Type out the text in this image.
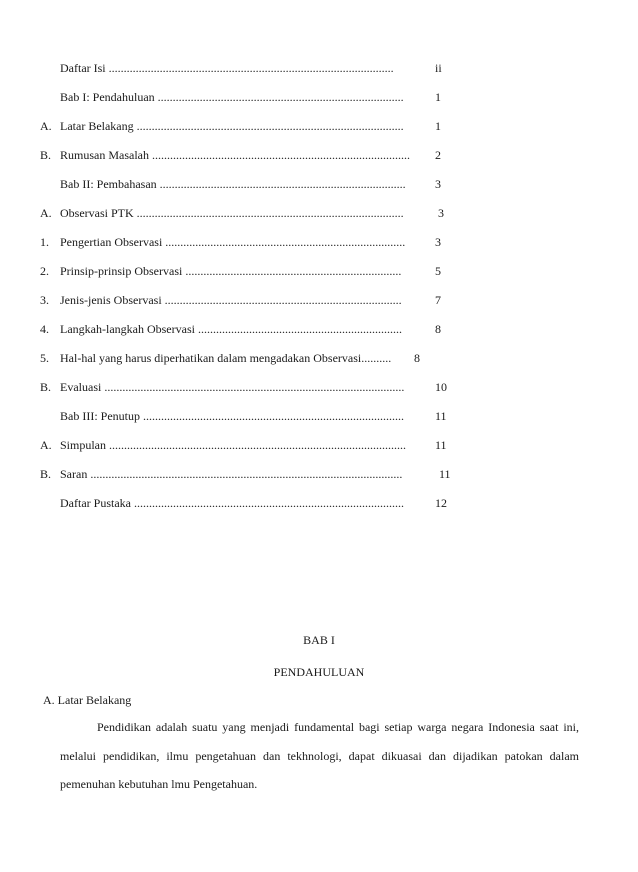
Daftar Isi ...............................................................................................	ii
Bab I: Pendahuluan ..................................................................................	1
A. Latar Belakang .........................................................................................	1
B. Rumusan Masalah ......................................................................................	2
Bab II: Pembahasan ..................................................................................	3
A. Observasi PTK .........................................................................................	3
1. Pengertian Observasi ................................................................................	3
2. Prinsip-prinsip Observasi ........................................................................	5
3. Jenis-jenis Observasi ...............................................................................	7
4. Langkah-langkah Observasi ....................................................................	8
5. Hal-hal yang harus diperhatikan dalam mengadakan Observasi..........	8
B. Evaluasi ....................................................................................................	10
Bab III: Penutup .......................................................................................	11
A. Simpulan ...................................................................................................	11
B. Saran ........................................................................................................	11
Daftar Pustaka ..........................................................................................	12
BAB I
PENDAHULUAN
A. Latar Belakang

Pendidikan adalah suatu yang menjadi fundamental bagi setiap warga negara Indonesia saat ini, melalui pendidikan, ilmu pengetahuan dan tekhnologi, dapat dikuasai dan dijadikan patokan dalam pemenuhan kebutuhan lmu Pengetahuan.
